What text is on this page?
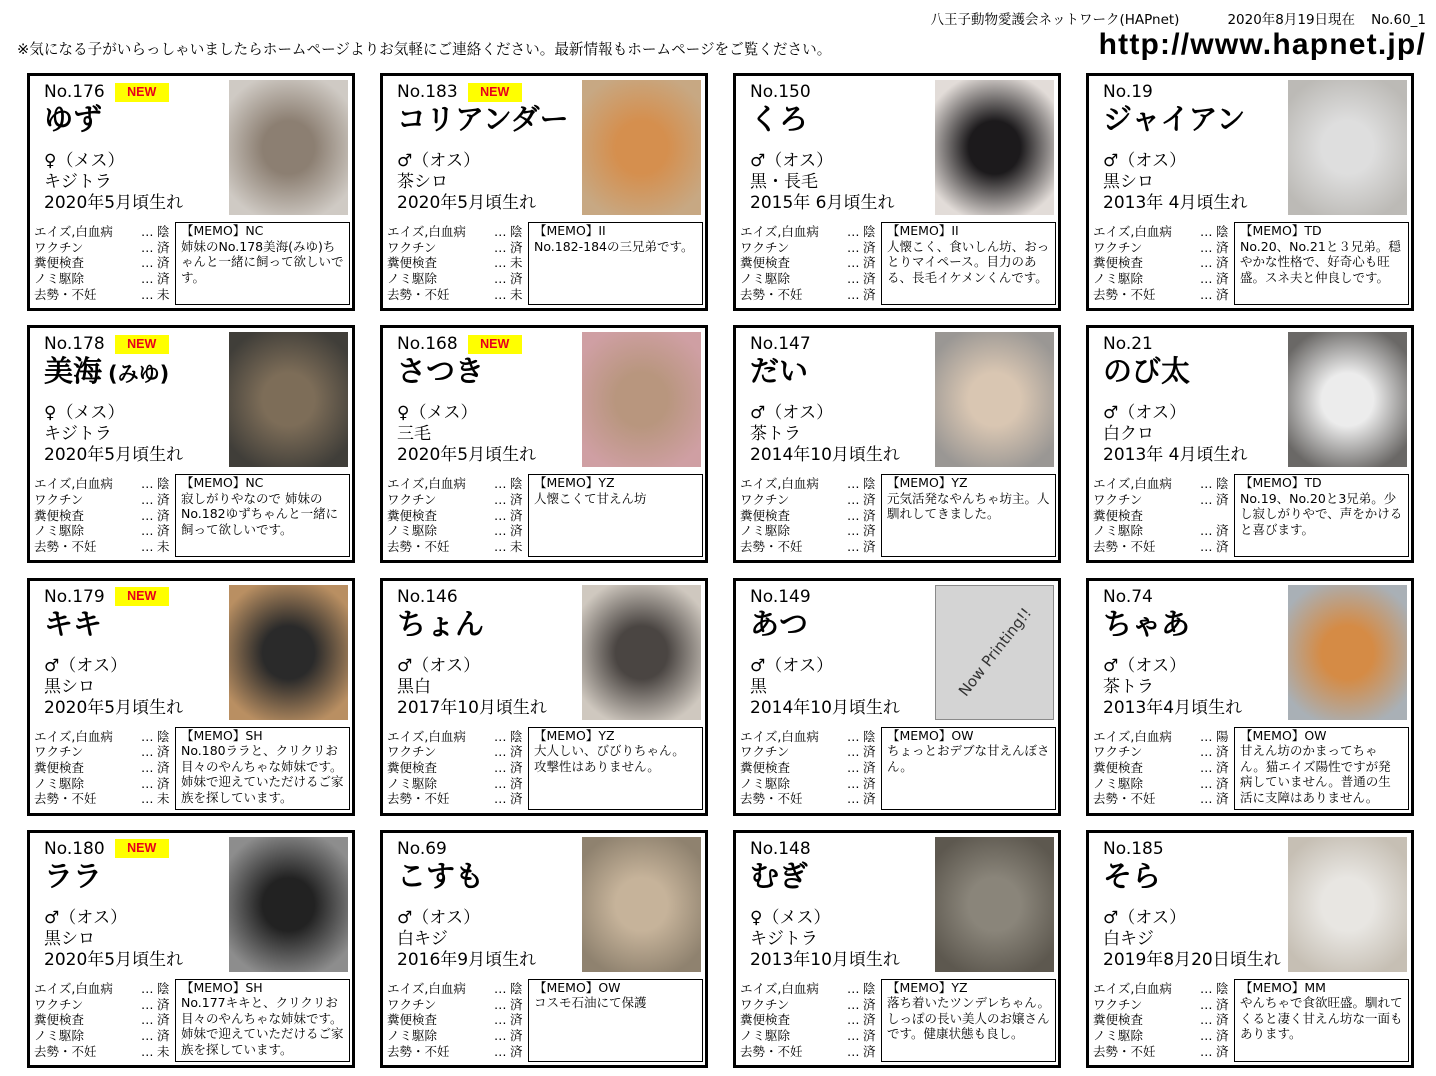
八王子動物愛護会ネットワーク(HAPnet)	2020年8月19日現在 No.60_1
※気になる子がいらっしゃいましたらホームページよりお気軽にご連絡ください。最新情報もホームページをご覧ください。	http://www.hapnet.jp/
No.176	NEW
ゆず
♀（メス）
キジトラ
2020年5月頃生れ
エイズ,白血病	… 陰
ワクチン	… 済
糞便検査	… 済
ノミ駆除	… 済
去勢・不妊	… 未
【MEMO】NC
姉妹のNo.178美海(みゆ)ちゃんと一緒に飼って欲しいです。
No.183	NEW
コリアンダー
♂（オス）
茶シロ
2020年5月頃生れ
エイズ,白血病	… 陰
ワクチン	… 済
糞便検査	… 未
ノミ駆除	… 済
去勢・不妊	… 未
【MEMO】II
No.182-184の三兄弟です。
No.150
くろ
♂（オス）
黒・長毛
2015年 6月頃生れ
エイズ,白血病	… 陰
ワクチン	… 済
糞便検査	… 済
ノミ駆除	… 済
去勢・不妊	… 済
【MEMO】II
人懐こく、食いしん坊、おっとりマイペース。目力のある、長毛イケメンくんです。
No.19
ジャイアン
♂（オス）
黒シロ
2013年 4月頃生れ
エイズ,白血病	… 陰
ワクチン	… 済
糞便検査	… 済
ノミ駆除	… 済
去勢・不妊	… 済
【MEMO】TD
No.20、No.21と３兄弟。穏やかな性格で、好奇心も旺盛。スネ夫と仲良しです。
No.178	NEW
美海 (みゆ)
♀（メス）
キジトラ
2020年5月頃生れ
エイズ,白血病	… 陰
ワクチン	… 済
糞便検査	… 済
ノミ駆除	… 済
去勢・不妊	… 未
【MEMO】NC
寂しがりやなので 姉妹のNo.182ゆずちゃんと一緒に飼って欲しいです。
No.168	NEW
さつき
♀（メス）
三毛
2020年5月頃生れ
エイズ,白血病	… 陰
ワクチン	… 済
糞便検査	… 済
ノミ駆除	… 済
去勢・不妊	… 未
【MEMO】YZ
人懐こくて甘えん坊
No.147
だい
♂（オス）
茶トラ
2014年10月頃生れ
エイズ,白血病	… 陰
ワクチン	… 済
糞便検査	… 済
ノミ駆除	… 済
去勢・不妊	… 済
【MEMO】YZ
元気活発なやんちゃ坊主。人馴れしてきました。
No.21
のび太
♂（オス）
白クロ
2013年 4月頃生れ
エイズ,白血病	… 陰
ワクチン	… 済
糞便検査
ノミ駆除	… 済
去勢・不妊	… 済
【MEMO】TD
No.19、No.20と3兄弟。少し寂しがりやで、声をかけると喜びます。
No.179	NEW
キキ
♂（オス）
黒シロ
2020年5月頃生れ
エイズ,白血病	… 陰
ワクチン	… 済
糞便検査	… 済
ノミ駆除	… 済
去勢・不妊	… 未
【MEMO】SH
No.180ララと、クリクリお目々のやんちゃな姉妹です。姉妹で迎えていただけるご家族を探しています。
No.146
ちょん
♂（オス）
黒白
2017年10月頃生れ
エイズ,白血病	… 陰
ワクチン	… 済
糞便検査	… 済
ノミ駆除	… 済
去勢・不妊	… 済
【MEMO】YZ
大人しい、びびりちゃん。攻撃性はありません。
No.149
あつ
♂（オス）
黒
2014年10月頃生れ
Now Printing!!
エイズ,白血病	… 陰
ワクチン	… 済
糞便検査	… 済
ノミ駆除	… 済
去勢・不妊	… 済
【MEMO】OW
ちょっとおデブな甘えんぼさん。
No.74
ちゃあ
♂（オス）
茶トラ
2013年4月頃生れ
エイズ,白血病	… 陽
ワクチン	… 済
糞便検査	… 済
ノミ駆除	… 済
去勢・不妊	… 済
【MEMO】OW
甘えん坊のかまってちゃん。猫エイズ陽性ですが発病していません。普通の生活に支障はありません。
No.180	NEW
ララ
♂（オス）
黒シロ
2020年5月頃生れ
エイズ,白血病	… 陰
ワクチン	… 済
糞便検査	… 済
ノミ駆除	… 済
去勢・不妊	… 未
【MEMO】SH
No.177キキと、クリクリお目々のやんちゃな姉妹です。姉妹で迎えていただけるご家族を探しています。
No.69
こすも
♂（オス）
白キジ
2016年9月頃生れ
エイズ,白血病	… 陰
ワクチン	… 済
糞便検査	… 済
ノミ駆除	… 済
去勢・不妊	… 済
【MEMO】OW
コスモ石油にて保護
No.148
むぎ
♀（メス）
キジトラ
2013年10月頃生れ
エイズ,白血病	… 陰
ワクチン	… 済
糞便検査	… 済
ノミ駆除	… 済
去勢・不妊	… 済
【MEMO】YZ
落ち着いたツンデレちゃん。しっぽの長い美人のお嬢さんです。健康状態も良し。
No.185
そら
♂（オス）
白キジ
2019年8月20日頃生れ
エイズ,白血病	… 陰
ワクチン	… 済
糞便検査	… 済
ノミ駆除	… 済
去勢・不妊	… 済
【MEMO】MM
やんちゃで食欲旺盛。馴れてくると凄く甘えん坊な一面もあります。
